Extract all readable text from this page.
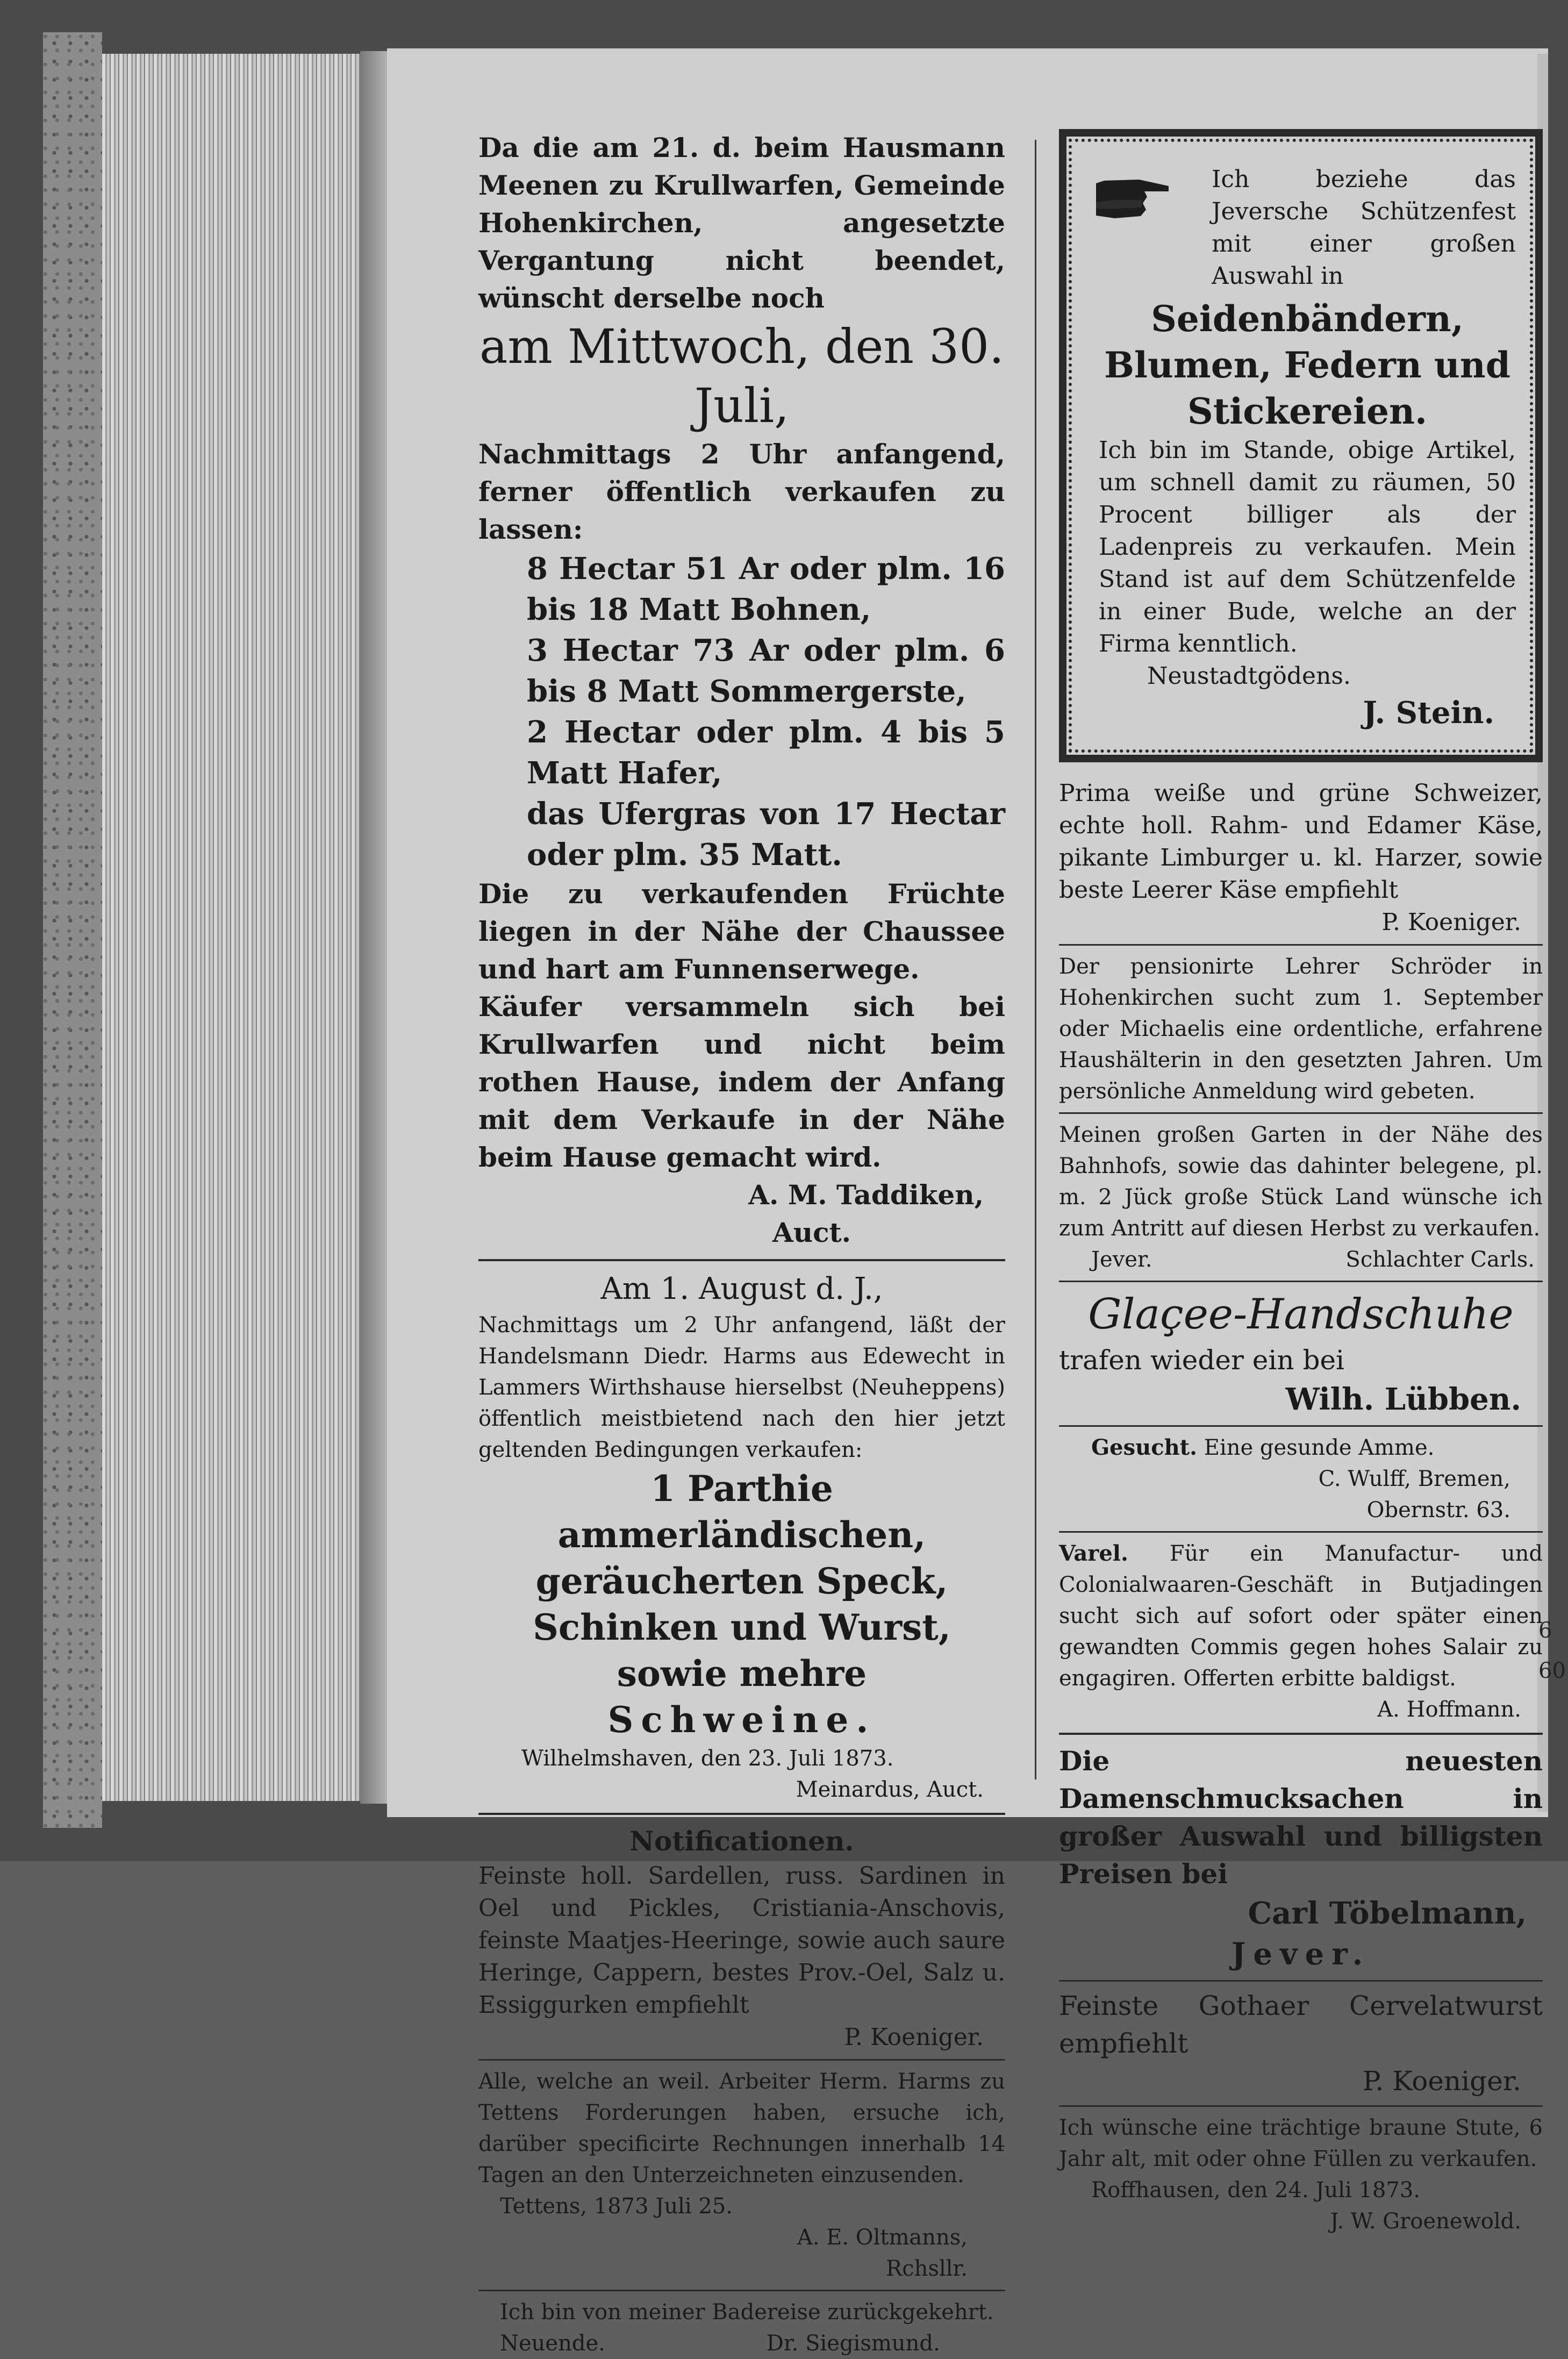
6
60

Da die am 21. d. beim Hausmann Meenen zu Krullwarfen, Gemeinde Hohenkirchen, angesetzte Vergantung nicht beendet, wünscht derselbe noch

am Mittwoch, den 30. Juli,

Nachmittags 2 Uhr anfangend, ferner öffentlich verkaufen zu lassen:

8 Hectar 51 Ar oder plm. 16 bis 18 Matt Bohnen,

3 Hectar 73 Ar oder plm. 6 bis 8 Matt Sommergerste,

2 Hectar oder plm. 4 bis 5 Matt Hafer,

das Ufergras von 17 Hectar oder plm. 35 Matt.

Die zu verkaufenden Früchte liegen in der Nähe der Chaussee und hart am Funnenserwege.

Käufer versammeln sich bei Krullwarfen und nicht beim rothen Hause, indem der Anfang mit dem Verkaufe in der Nähe beim Hause gemacht wird.

A. M. Taddiken,

Auct.

Am 1. August d. J.,

Nachmittags um 2 Uhr anfangend, läßt der Handelsmann Diedr. Harms aus Edewecht in Lammers Wirthshause hierselbst (Neuheppens) öffentlich meistbietend nach den hier jetzt geltenden Bedingungen verkaufen:

1 Parthie ammerländischen, geräucherten Speck,

Schinken und Wurst,

sowie mehre

Schweine.

Wilhelmshaven, den 23. Juli 1873.

Meinardus, Auct.

Notificationen.

Feinste holl. Sardellen, russ. Sardinen in Oel und Pickles, Cristiania-Anschovis, feinste Maatjes-Heeringe, sowie auch saure Heringe, Cappern, bestes Prov.-Oel, Salz u. Essiggurken empfiehlt

P. Koeniger.

Alle, welche an weil. Arbeiter Herm. Harms zu Tettens Forderungen haben, ersuche ich, darüber specificirte Rechnungen innerhalb 14 Tagen an den Unterzeichneten einzusenden.

Tettens, 1873 Juli 25.

A. E. Oltmanns,

Rchsllr.

Ich bin von meiner Badereise zurückgekehrt.

Neuende.	Dr. Siegismund.

Ich beziehe das Jeversche Schützenfest mit einer großen Auswahl in

Seidenbändern, Blumen, Federn und Stickereien.

Ich bin im Stande, obige Artikel, um schnell damit zu räumen, 50 Procent billiger als der Ladenpreis zu verkaufen. Mein Stand ist auf dem Schützenfelde in einer Bude, welche an der Firma kenntlich.

Neustadtgödens.

J. Stein.

Prima weiße und grüne Schweizer, echte holl. Rahm- und Edamer Käse, pikante Limburger u. kl. Harzer, sowie beste Leerer Käse empfiehlt

P. Koeniger.

Der pensionirte Lehrer Schröder in Hohenkirchen sucht zum 1. September oder Michaelis eine ordentliche, erfahrene Haushälterin in den gesetzten Jahren. Um persönliche Anmeldung wird gebeten.

Meinen großen Garten in der Nähe des Bahnhofs, sowie das dahinter belegene, pl. m. 2 Jück große Stück Land wünsche ich zum Antritt auf diesen Herbst zu verkaufen.

Jever.	Schlachter Carls.

Glaçee-Handschuhe

trafen wieder ein bei

Wilh. Lübben.

Gesucht. Eine gesunde Amme.

C. Wulff, Bremen,

Obernstr. 63.

Varel. Für ein Manufactur- und Colonialwaaren-Geschäft in Butjadingen sucht sich auf sofort oder später einen gewandten Commis gegen hohes Salair zu engagiren. Offerten erbitte baldigst.

A. Hoffmann.

Die neuesten Damenschmucksachen in großer Auswahl und billigsten Preisen bei

Carl Töbelmann,

Jever.

Feinste Gothaer Cervelatwurst empfiehlt

P. Koeniger.

Ich wünsche eine trächtige braune Stute, 6 Jahr alt, mit oder ohne Füllen zu verkaufen.

Roffhausen, den 24. Juli 1873.

J. W. Groenewold.
